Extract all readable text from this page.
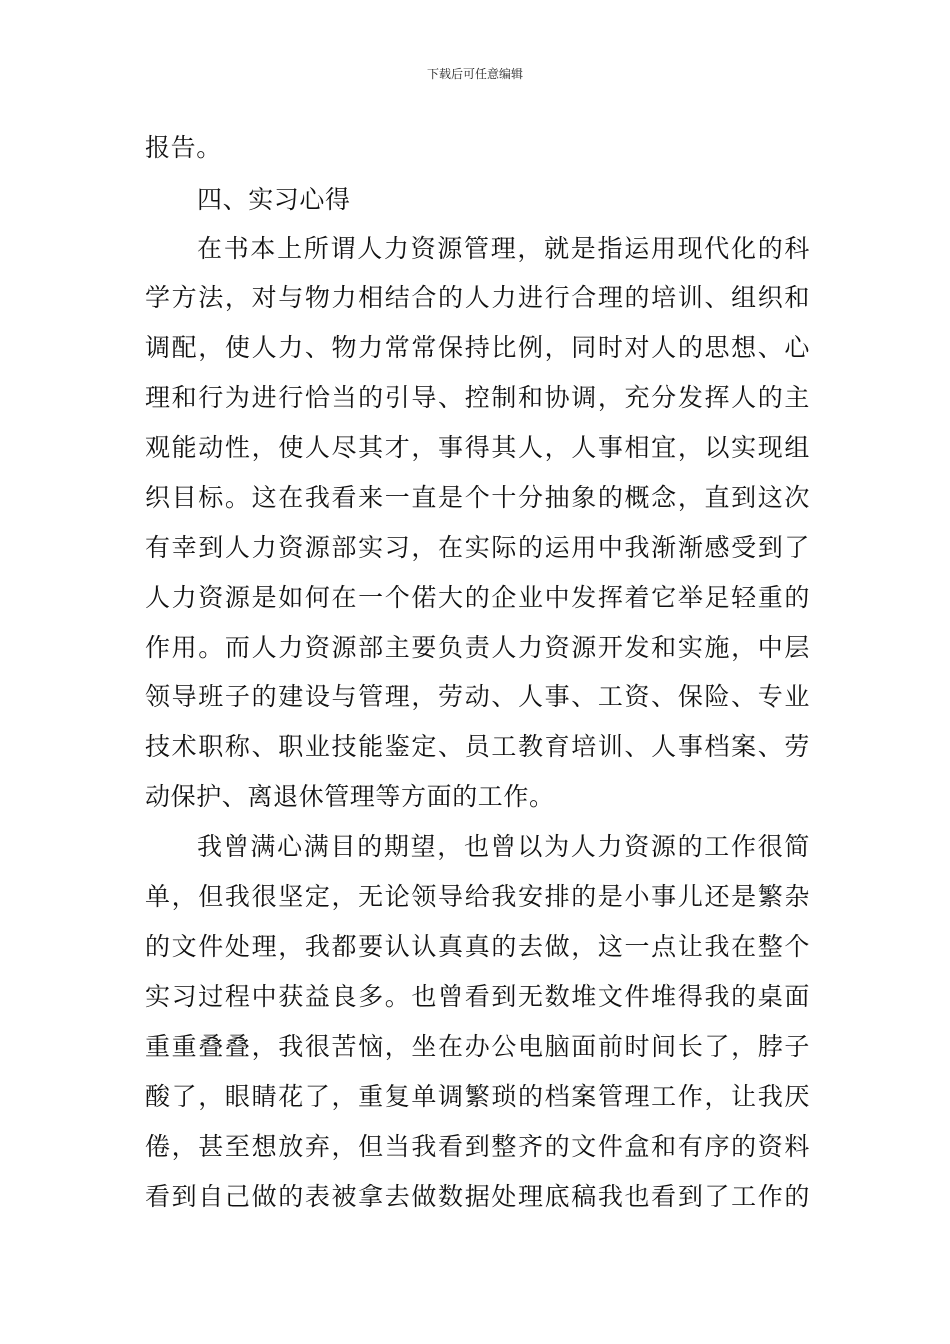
下载后可任意编辑
报告。
四、实习心得
在书本上所谓人力资源管理，就是指运用现代化的科
学方法，对与物力相结合的人力进行合理的培训、组织和
调配，使人力、物力常常保持比例，同时对人的思想、心
理和行为进行恰当的引导、控制和协调，充分发挥人的主
观能动性，使人尽其才，事得其人，人事相宜，以实现组
织目标。这在我看来一直是个十分抽象的概念，直到这次
有幸到人力资源部实习，在实际的运用中我渐渐感受到了
人力资源是如何在一个偌大的企业中发挥着它举足轻重的
作用。而人力资源部主要负责人力资源开发和实施，中层
领导班子的建设与管理，劳动、人事、工资、保险、专业
技术职称、职业技能鉴定、员工教育培训、人事档案、劳
动保护、离退休管理等方面的工作。
我曾满心满目的期望，也曾以为人力资源的工作很简
单，但我很坚定，无论领导给我安排的是小事儿还是繁杂
的文件处理，我都要认认真真的去做，这一点让我在整个
实习过程中获益良多。也曾看到无数堆文件堆得我的桌面
重重叠叠，我很苦恼，坐在办公电脑面前时间长了，脖子
酸了，眼睛花了，重复单调繁琐的档案管理工作，让我厌
倦，甚至想放弃，但当我看到整齐的文件盒和有序的资料
看到自己做的表被拿去做数据处理底稿我也看到了工作的
